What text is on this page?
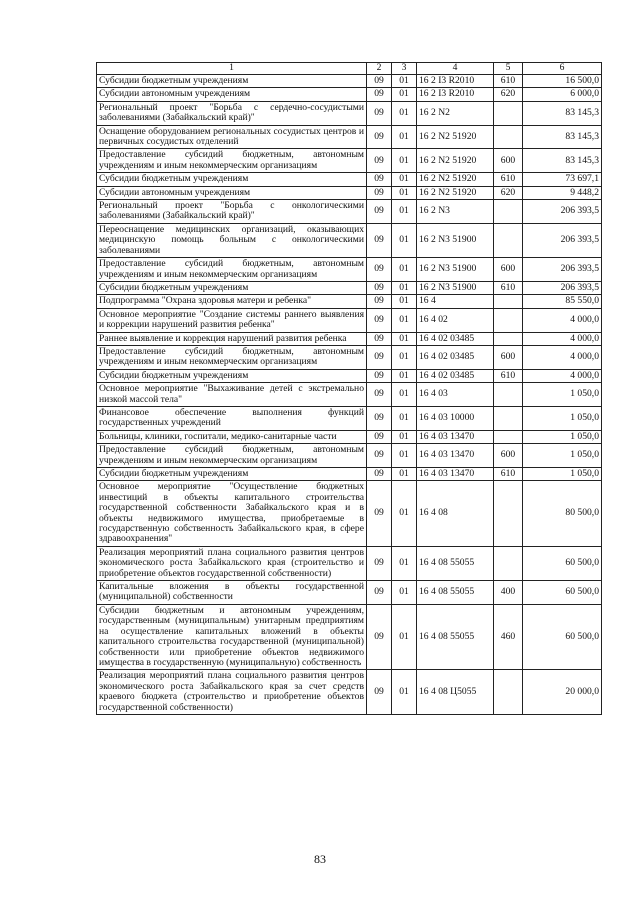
1	2	3	4	5	6
Субсидии бюджетным учреждениям	09	01	16 2 I3 R2010	610	16 500,0
Субсидии автономным учреждениям	09	01	16 2 I3 R2010	620	6 000,0
Региональный проект "Борьба с сердечно-сосудистыми заболеваниями (Забайкальский край)"	09	01	16 2 N2		83 145,3
Оснащение оборудованием региональных сосудистых центров и первичных сосудистых отделений	09	01	16 2 N2 51920		83 145,3
Предоставление субсидий бюджетным, автономным учреждениям и иным некоммерческим организациям	09	01	16 2 N2 51920	600	83 145,3
Субсидии бюджетным учреждениям	09	01	16 2 N2 51920	610	73 697,1
Субсидии автономным учреждениям	09	01	16 2 N2 51920	620	9 448,2
Региональный проект "Борьба с онкологическими заболеваниями (Забайкальский край)"	09	01	16 2 N3		206 393,5
Переоснащение медицинских организаций, оказывающих медицинскую помощь больным с онкологическими заболеваниями	09	01	16 2 N3 51900		206 393,5
Предоставление субсидий бюджетным, автономным учреждениям и иным некоммерческим организациям	09	01	16 2 N3 51900	600	206 393,5
Субсидии бюджетным учреждениям	09	01	16 2 N3 51900	610	206 393,5
Подпрограмма "Охрана здоровья матери и ребенка"	09	01	16 4		85 550,0
Основное мероприятие "Создание системы раннего выявления и коррекции нарушений развития ребенка"	09	01	16 4 02		4 000,0
Раннее выявление и коррекция нарушений развития ребенка	09	01	16 4 02 03485		4 000,0
Предоставление субсидий бюджетным, автономным учреждениям и иным некоммерческим организациям	09	01	16 4 02 03485	600	4 000,0
Субсидии бюджетным учреждениям	09	01	16 4 02 03485	610	4 000,0
Основное мероприятие "Выхаживание детей с экстремально низкой массой тела"	09	01	16 4 03		1 050,0
Финансовое обеспечение выполнения функций государственных учреждений	09	01	16 4 03 10000		1 050,0
Больницы, клиники, госпитали, медико-санитарные части	09	01	16 4 03 13470		1 050,0
Предоставление субсидий бюджетным, автономным учреждениям и иным некоммерческим организациям	09	01	16 4 03 13470	600	1 050,0
Субсидии бюджетным учреждениям	09	01	16 4 03 13470	610	1 050,0
Основное мероприятие "Осуществление бюджетных инвестиций в объекты капитального строительства государственной собственности Забайкальского края и в объекты недвижимого имущества, приобретаемые в государственную собственность Забайкальского края, в сфере здравоохранения"	09	01	16 4 08		80 500,0
Реализация мероприятий плана социального развития центров экономического роста Забайкальского края (строительство и приобретение объектов государственной собственности)	09	01	16 4 08 55055		60 500,0
Капитальные вложения в объекты государственной (муниципальной) собственности	09	01	16 4 08 55055	400	60 500,0
Субсидии бюджетным и автономным учреждениям, государственным (муниципальным) унитарным предприятиям на осуществление капитальных вложений в объекты капитального строительства государственной (муниципальной) собственности или приобретение объектов недвижимого имущества в государственную (муниципальную) собственность	09	01	16 4 08 55055	460	60 500,0
Реализация мероприятий плана социального развития центров экономического роста Забайкальского края за счет средств краевого бюджета (строительство и приобретение объектов государственной собственности)	09	01	16 4 08 Ц5055		20 000,0
83
